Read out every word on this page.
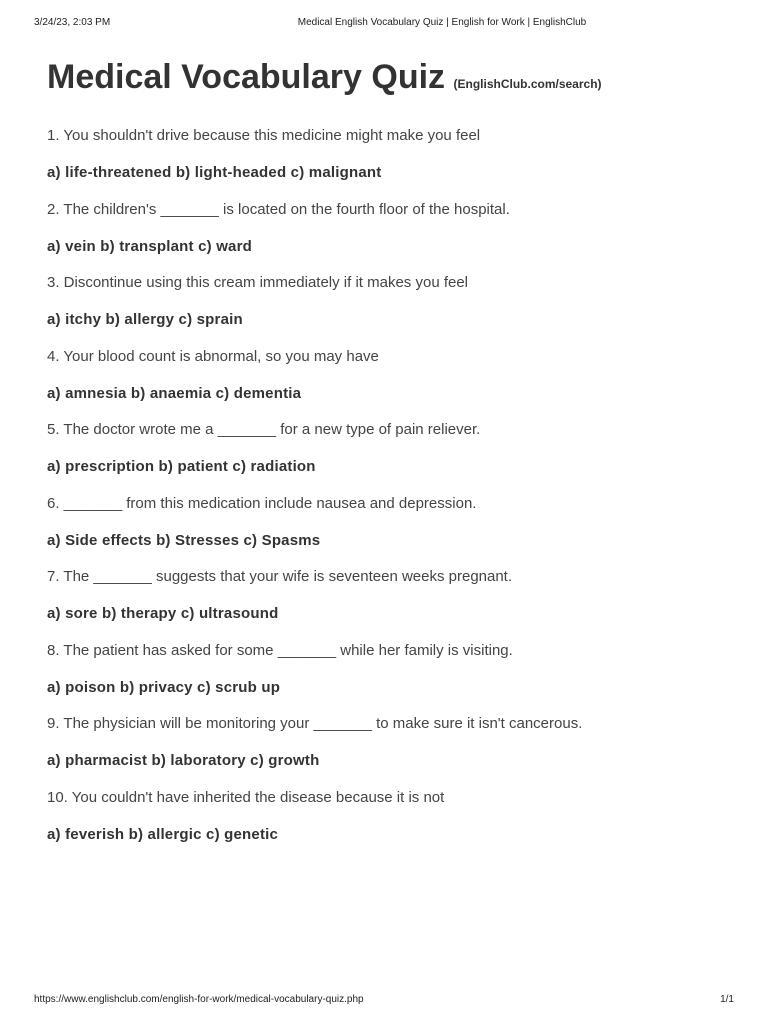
3/24/23, 2:03 PM	Medical English Vocabulary Quiz | English for Work | EnglishClub
Medical Vocabulary Quiz (EnglishClub.com/search)
1. You shouldn't drive because this medicine might make you feel
a) life-threatened b) light-headed c) malignant
2. The children's _______ is located on the fourth floor of the hospital.
a) vein b) transplant c) ward
3. Discontinue using this cream immediately if it makes you feel
a) itchy b) allergy c) sprain
4. Your blood count is abnormal, so you may have
a) amnesia b) anaemia c) dementia
5. The doctor wrote me a _______ for a new type of pain reliever.
a) prescription b) patient c) radiation
6. _______ from this medication include nausea and depression.
a) Side effects b) Stresses c) Spasms
7. The _______ suggests that your wife is seventeen weeks pregnant.
a) sore b) therapy c) ultrasound
8. The patient has asked for some _______ while her family is visiting.
a) poison b) privacy c) scrub up
9. The physician will be monitoring your _______ to make sure it isn't cancerous.
a) pharmacist b) laboratory c) growth
10. You couldn't have inherited the disease because it is not
a) feverish b) allergic c) genetic
https://www.englishclub.com/english-for-work/medical-vocabulary-quiz.php	1/1
